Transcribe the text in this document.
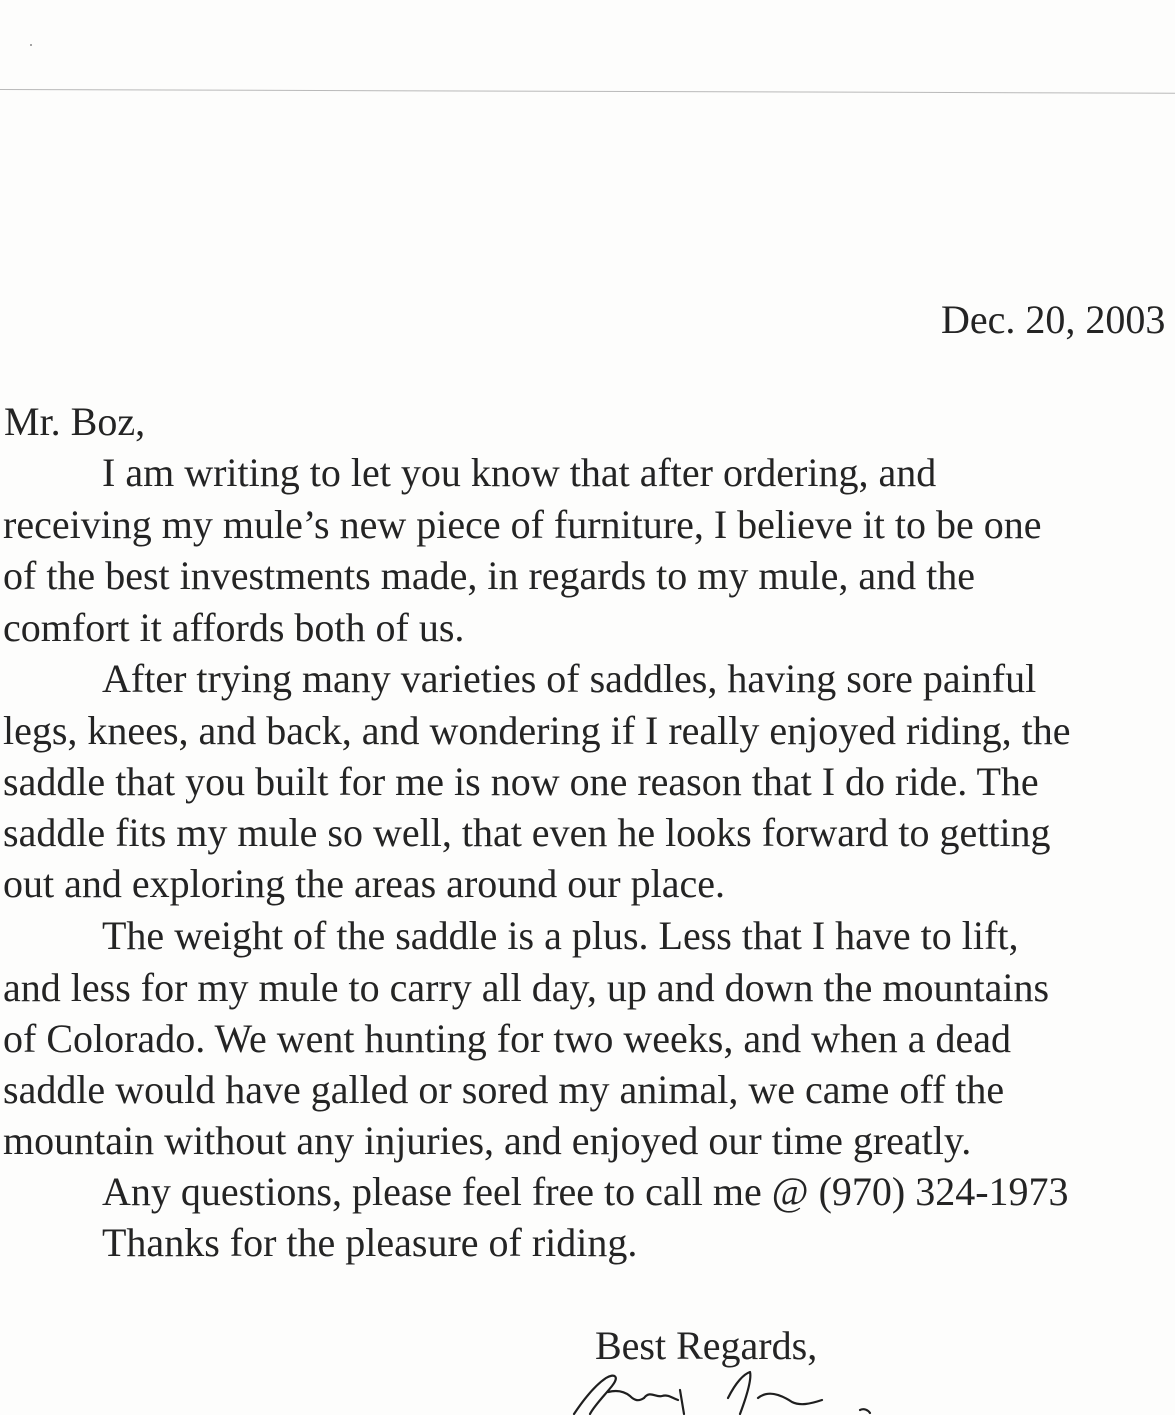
Dec. 20, 2003
Mr. Boz,
I am writing to let you know that after ordering, and
receiving my mule’s new piece of furniture, I believe it to be one
of the best investments made, in regards to my mule, and the
comfort it affords both of us.
After trying many varieties of saddles, having sore painful
legs, knees, and back, and wondering if I really enjoyed riding, the
saddle that you built for me is now one reason that I do ride. The
saddle fits my mule so well, that even he looks forward to getting
out and exploring the areas around our place.
The weight of the saddle is a plus. Less that I have to lift,
and less for my mule to carry all day, up and down the mountains
of Colorado. We went hunting for two weeks, and when a dead
saddle would have galled or sored my animal, we came off the
mountain without any injuries, and enjoyed our time greatly.
Any questions, please feel free to call me @ (970) 324-1973
Thanks for the pleasure of riding.
Best Regards,
